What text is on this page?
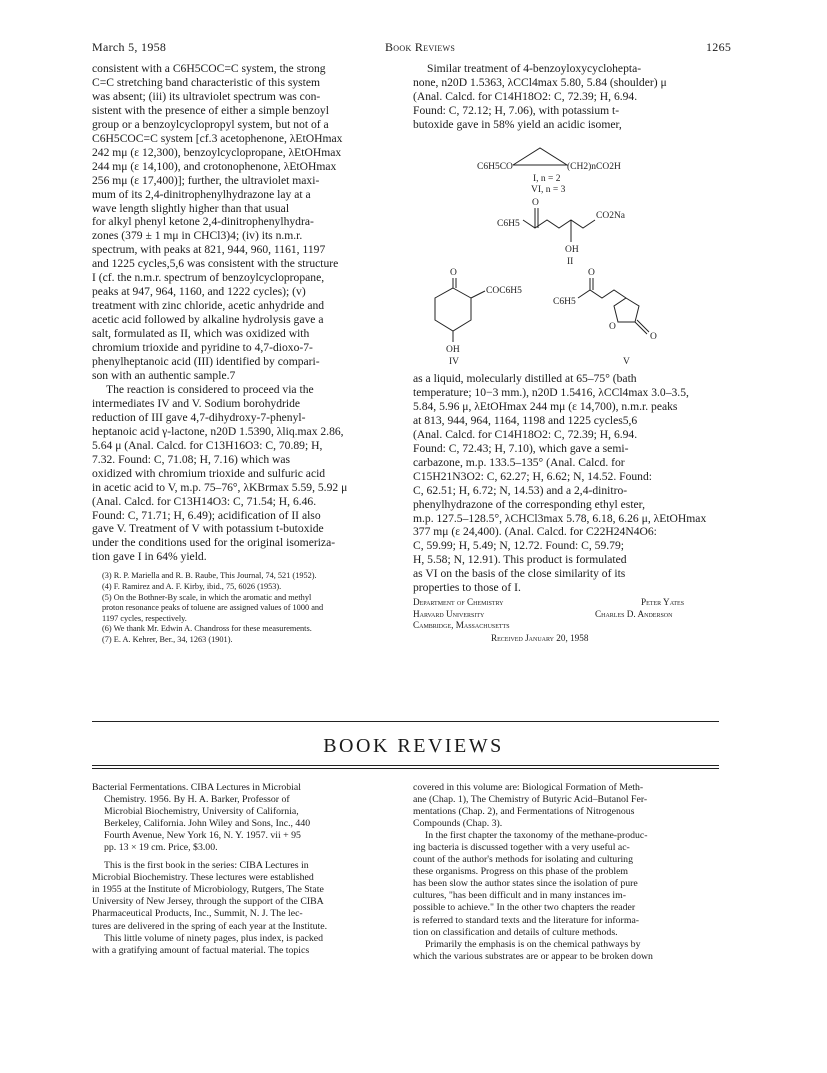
March 5, 1958	Book Reviews	1265
consistent with a C6H5COC=C system, the strong
C=C stretching band characteristic of this system
was absent; (iii) its ultraviolet spectrum was con-
sistent with the presence of either a simple benzoyl
group or a benzoylcyclopropyl system, but not of a
C6H5COC=C system [cf.3 acetophenone, λEtOHmax
242 mμ (ε 12,300), benzoylcyclopropane, λEtOHmax
244 mμ (ε 14,100), and crotonophenone, λEtOHmax
256 mμ (ε 17,400)]; further, the ultraviolet maxi-
mum of its 2,4-dinitrophenylhydrazone lay at a
wave length slightly higher than that usual
for alkyl phenyl ketone 2,4-dinitrophenylhydra-
zones (379 ± 1 mμ in CHCl3)4; (iv) its n.m.r.
spectrum, with peaks at 821, 944, 960, 1161, 1197
and 1225 cycles,5,6 was consistent with the structure
I (cf. the n.m.r. spectrum of benzoylcyclopropane,
peaks at 947, 964, 1160, and 1222 cycles); (v)
treatment with zinc chloride, acetic anhydride and
acetic acid followed by alkaline hydrolysis gave a
salt, formulated as II, which was oxidized with
chromium trioxide and pyridine to 4,7-dioxo-7-
phenylheptanoic acid (III) identified by compari-
son with an authentic sample.7
The reaction is considered to proceed via the
intermediates IV and V. Sodium borohydride
reduction of III gave 4,7-dihydroxy-7-phenyl-
heptanoic acid γ-lactone, n20D 1.5390, λliq.max 2.86,
5.64 μ (Anal. Calcd. for C13H16O3: C, 70.89; H,
7.32. Found: C, 71.08; H, 7.16) which was
oxidized with chromium trioxide and sulfuric acid
in acetic acid to V, m.p. 75–76°, λKBrmax 5.59, 5.92 μ
(Anal. Calcd. for C13H14O3: C, 71.54; H, 6.46.
Found: C, 71.71; H, 6.49); acidification of II also
gave V. Treatment of V with potassium t-butoxide
under the conditions used for the original isomeriza-
tion gave I in 64% yield.
(3) R. P. Mariella and R. B. Raube, This Journal, 74, 521 (1952).
(4) F. Ramirez and A. F. Kirby, ibid., 75, 6026 (1953).
(5) On the Bothner-By scale, in which the aromatic and methyl
proton resonance peaks of toluene are assigned values of 1000 and
1197 cycles, respectively.
(6) We thank Mr. Edwin A. Chandross for these measurements.
(7) E. A. Kehrer, Ber., 34, 1263 (1901).
Similar treatment of 4-benzoyloxycyclohepta-
none, n20D 1.5363, λCCl4max 5.80, 5.84 (shoulder) μ
(Anal. Calcd. for C14H18O2: C, 72.39; H, 6.94.
Found: C, 72.12; H, 7.06), with potassium t-
butoxide gave in 58% yield an acidic isomer,
C6H5CO	(CH2)nCO2H
I, n = 2
VI, n = 3
O
C6H5
CO2Na
OH
II
O
COC6H5
OH
IV
O
C6H5
O
O
V
as a liquid, molecularly distilled at 65–75° (bath
temperature; 10−3 mm.), n20D 1.5416, λCCl4max 3.0–3.5,
5.84, 5.96 μ, λEtOHmax 244 mμ (ε 14,700), n.m.r. peaks
at 813, 944, 964, 1164, 1198 and 1225 cycles5,6
(Anal. Calcd. for C14H18O2: C, 72.39; H, 6.94.
Found: C, 72.43; H, 7.10), which gave a semi-
carbazone, m.p. 133.5–135° (Anal. Calcd. for
C15H21N3O2: C, 62.27; H, 6.62; N, 14.52. Found:
C, 62.51; H, 6.72; N, 14.53) and a 2,4-dinitro-
phenylhydrazone of the corresponding ethyl ester,
m.p. 127.5–128.5°, λCHCl3max 5.78, 6.18, 6.26 μ, λEtOHmax
377 mμ (ε 24,400). (Anal. Calcd. for C22H24N4O6:
C, 59.99; H, 5.49; N, 12.72. Found: C, 59.79;
H, 5.58; N, 12.91). This product is formulated
as VI on the basis of the close similarity of its
properties to those of I.
Department of Chemistry
Harvard University
Cambridge, Massachusetts
Peter Yates
Charles D. Anderson
Received January 20, 1958
BOOK REVIEWS
Bacterial Fermentations. CIBA Lectures in Microbial
Chemistry. 1956. By H. A. Barker, Professor of
Microbial Biochemistry, University of California,
Berkeley, California. John Wiley and Sons, Inc., 440
Fourth Avenue, New York 16, N. Y. 1957. vii + 95
pp. 13 × 19 cm. Price, $3.00.
This is the first book in the series: CIBA Lectures in
Microbial Biochemistry. These lectures were established
in 1955 at the Institute of Microbiology, Rutgers, The State
University of New Jersey, through the support of the CIBA
Pharmaceutical Products, Inc., Summit, N. J. The lec-
tures are delivered in the spring of each year at the Institute.
This little volume of ninety pages, plus index, is packed
with a gratifying amount of factual material. The topics
covered in this volume are: Biological Formation of Meth-
ane (Chap. 1), The Chemistry of Butyric Acid–Butanol Fer-
mentations (Chap. 2), and Fermentations of Nitrogenous
Compounds (Chap. 3).
In the first chapter the taxonomy of the methane-produc-
ing bacteria is discussed together with a very useful ac-
count of the author's methods for isolating and culturing
these organisms. Progress on this phase of the problem
has been slow the author states since the isolation of pure
cultures, "has been difficult and in many instances im-
possible to achieve." In the other two chapters the reader
is referred to standard texts and the literature for informa-
tion on classification and details of culture methods.
Primarily the emphasis is on the chemical pathways by
which the various substrates are or appear to be broken down
